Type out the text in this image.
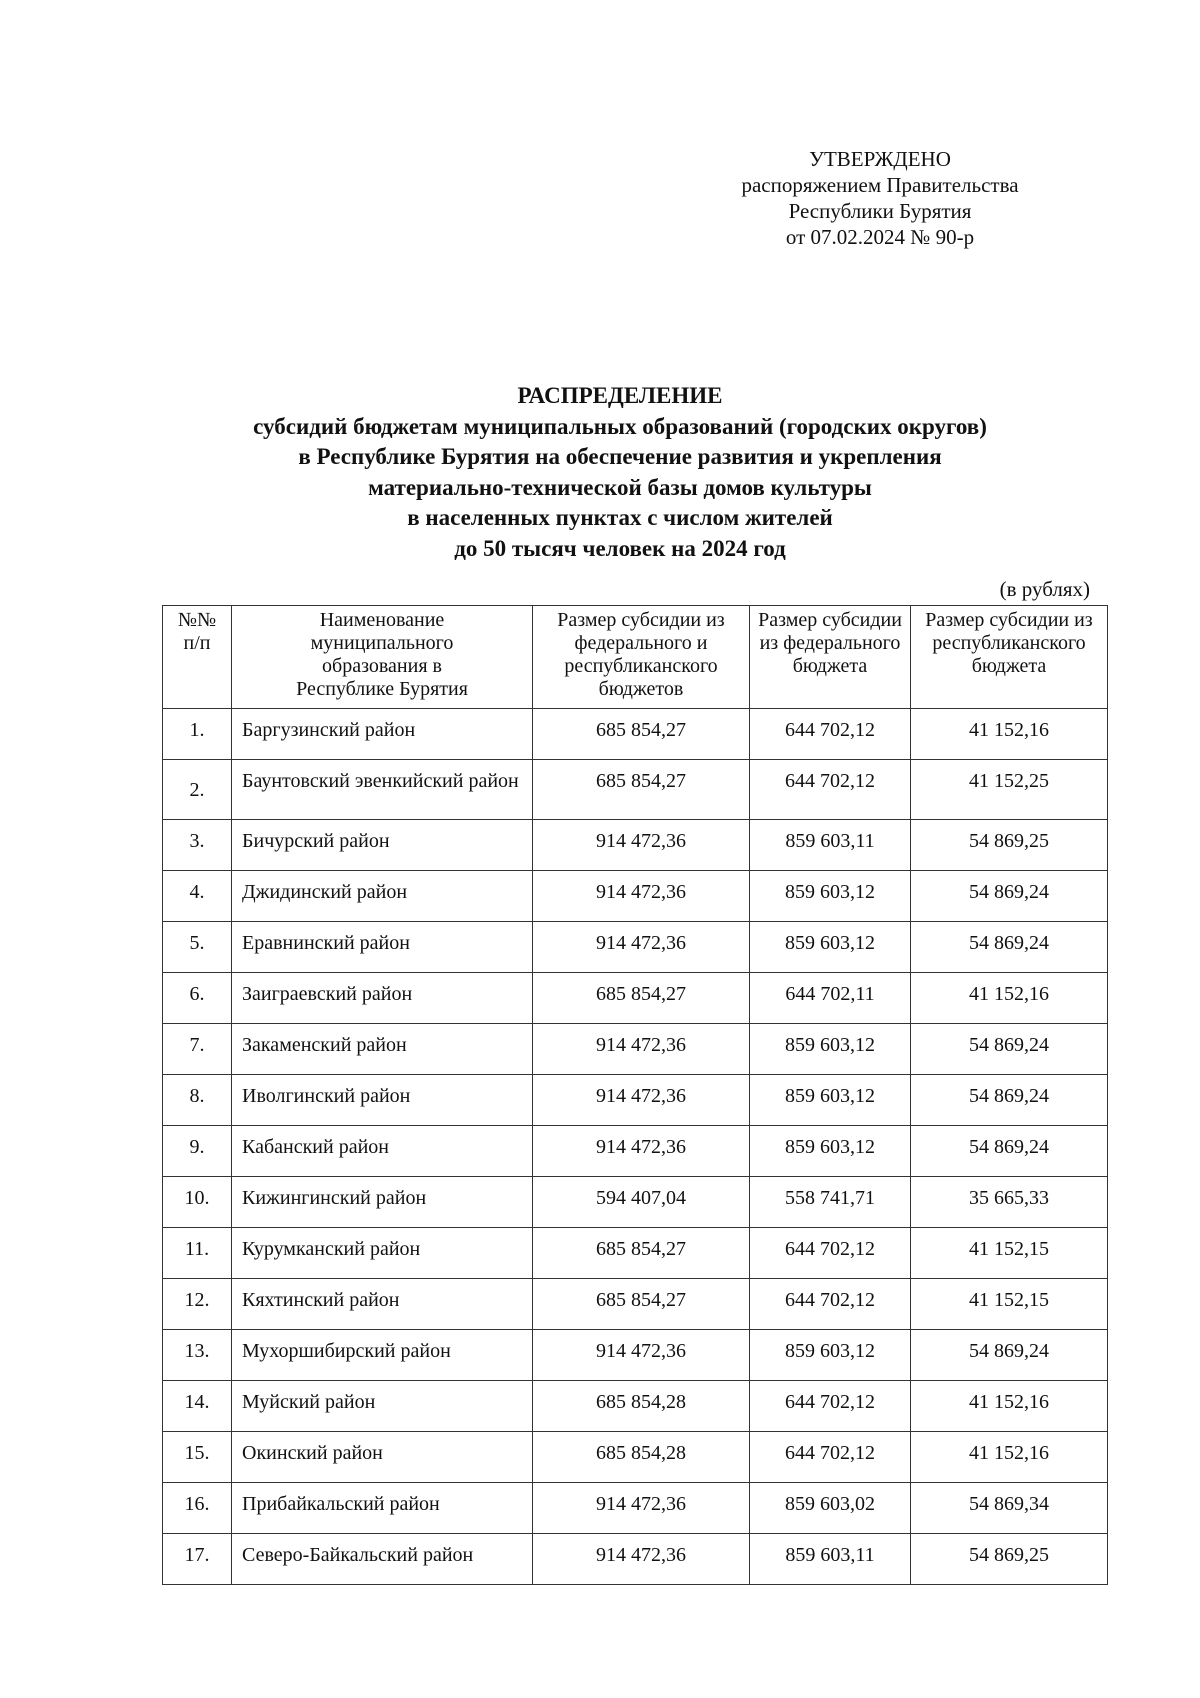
УТВЕРЖДЕНО
распоряжением Правительства
Республики Бурятия
от 07.02.2024 № 90-р
РАСПРЕДЕЛЕНИЕ
субсидий бюджетам муниципальных образований (городских округов)
в Республике Бурятия на обеспечение развития и укрепления
материально-технической базы домов культуры
в населенных пунктах с числом жителей
до 50 тысяч человек на 2024 год
(в рублях)
№№ п/п	Наименование муниципального образования в Республике Бурятия	Размер субсидии из федерального и республиканского бюджетов	Размер субсидии из федерального бюджета	Размер субсидии из республиканского бюджета
1.	Баргузинский район	685 854,27	644 702,12	41 152,16
2.	Баунтовский эвенкийский район	685 854,27	644 702,12	41 152,25
3.	Бичурский район	914 472,36	859 603,11	54 869,25
4.	Джидинский район	914 472,36	859 603,12	54 869,24
5.	Еравнинский район	914 472,36	859 603,12	54 869,24
6.	Заиграевский район	685 854,27	644 702,11	41 152,16
7.	Закаменский район	914 472,36	859 603,12	54 869,24
8.	Иволгинский район	914 472,36	859 603,12	54 869,24
9.	Кабанский район	914 472,36	859 603,12	54 869,24
10.	Кижингинский район	594 407,04	558 741,71	35 665,33
11.	Курумканский район	685 854,27	644 702,12	41 152,15
12.	Кяхтинский район	685 854,27	644 702,12	41 152,15
13.	Мухоршибирский район	914 472,36	859 603,12	54 869,24
14.	Муйский район	685 854,28	644 702,12	41 152,16
15.	Окинский район	685 854,28	644 702,12	41 152,16
16.	Прибайкальский район	914 472,36	859 603,02	54 869,34
17.	Северо-Байкальский район	914 472,36	859 603,11	54 869,25
